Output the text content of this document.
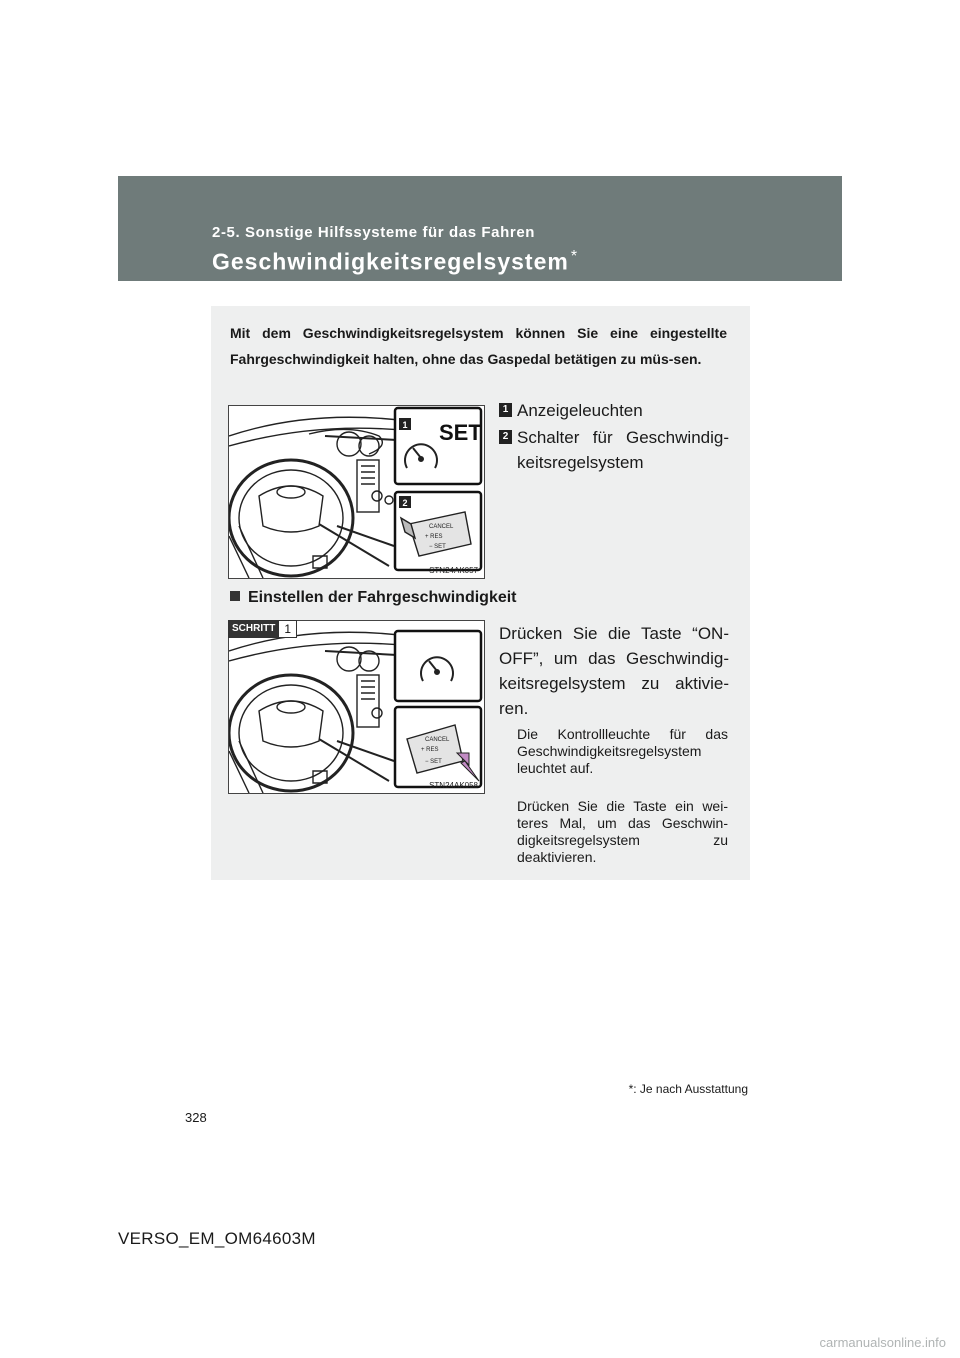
2-5. Sonstige Hilfssysteme für das Fahren
Geschwindigkeitsregelsystem *
Mit dem Geschwindigkeitsregelsystem können Sie eine eingestellte Fahrgeschwindigkeit halten, ohne das Gaspedal betätigen zu müs-sen.
SET
CANCEL
+ RES
− SET
1
2
STN24AK057
1 Anzeigeleuchten
2 Schalter für Geschwindig-keitsregelsystem
Einstellen der Fahrgeschwindigkeit
CANCEL
+ RES
− SET
STN24AK058
SCHRITT 1	Drücken Sie die Taste “ON-OFF”, um das Geschwindig-keitsregelsystem zu aktivie-ren.
Die Kontrollleuchte für das Geschwindigkeitsregelsystem leuchtet auf.
Drücken Sie die Taste ein wei-teres Mal, um das Geschwin-digkeitsregelsystem zu deaktivieren.
*: Je nach Ausstattung
328
VERSO_EM_OM64603M
carmanualsonline.info
